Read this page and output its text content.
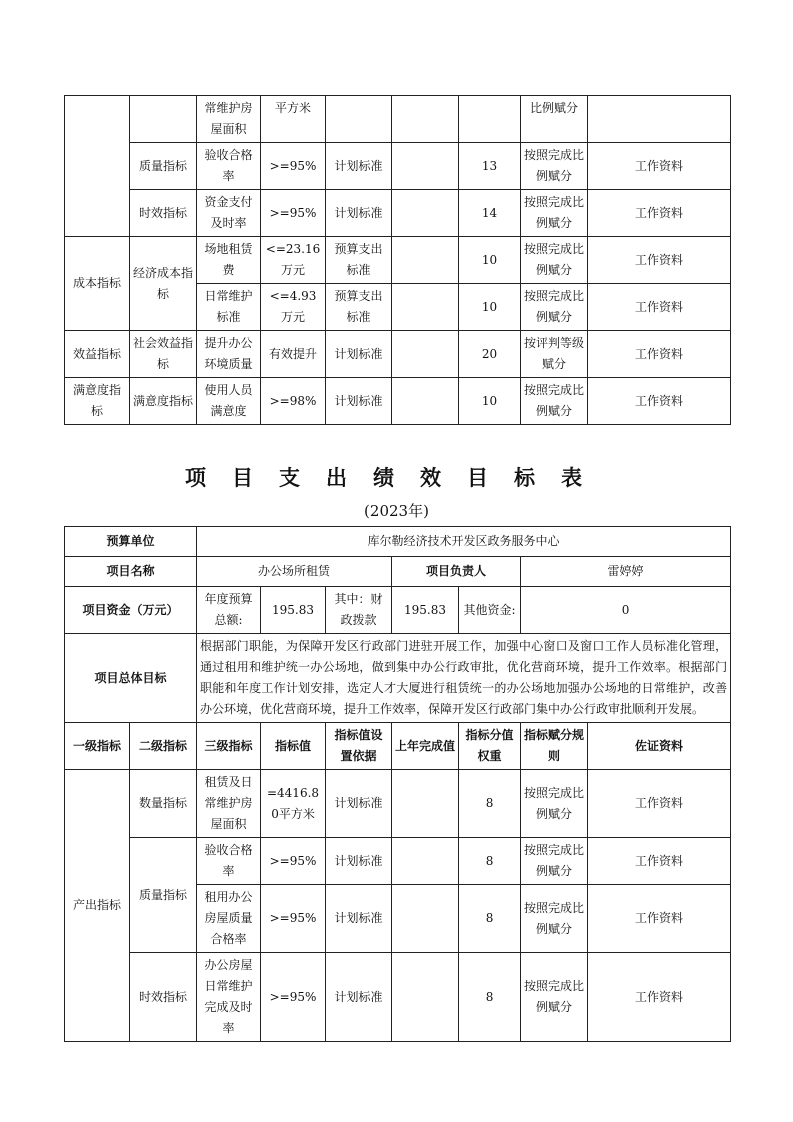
		常维护房屋面积	平方米				比例赋分	
	质量指标	验收合格率	>=95%	计划标准		13	按照完成比例赋分	工作资料
	时效指标	资金支付及时率	>=95%	计划标准		14	按照完成比例赋分	工作资料
成本指标	经济成本指标	场地租赁费	<=23.16万元	预算支出标准		10	按照完成比例赋分	工作资料
		日常维护标准	<=4.93万元	预算支出标准		10	按照完成比例赋分	工作资料
效益指标	社会效益指标	提升办公环境质量	有效提升	计划标准		20	按评判等级赋分	工作资料
满意度指标	满意度指标	使用人员满意度	>=98%	计划标准		10	按照完成比例赋分	工作资料
项目支出绩效目标表
(2023年)
预算单位		库尔勒经济技术开发区政务服务中心						
项目名称		办公场所租赁			项目负责人		雷婷婷	
项目资金（万元）		年度预算总额:	195.83	其中：财政拨款	195.83	其他资金:	0	
项目总体目标		根据部门职能，为保障开发区行政部门进驻开展工作，加强中心窗口及窗口工作人员标准化管理，通过租用和维护统一办公场地，做到集中办公行政审批，优化营商环境，提升工作效率。根据部门职能和年度工作计划安排，选定人才大厦进行租赁统一的办公场地加强办公场地的日常维护，改善办公环境，优化营商环境，提升工作效率，保障开发区行政部门集中办公行政审批顺利开发展。						
一级指标	二级指标	三级指标	指标值	指标值设置依据	上年完成值	指标分值权重	指标赋分规则	佐证资料
产出指标	数量指标	租赁及日常维护房屋面积	=4416.80平方米	计划标准		8	按照完成比例赋分	工作资料
	质量指标	验收合格率	>=95%	计划标准		8	按照完成比例赋分	工作资料
		租用办公房屋质量合格率	>=95%	计划标准		8	按照完成比例赋分	工作资料
	时效指标	办公房屋日常维护完成及时率	>=95%	计划标准		8	按照完成比例赋分	工作资料
